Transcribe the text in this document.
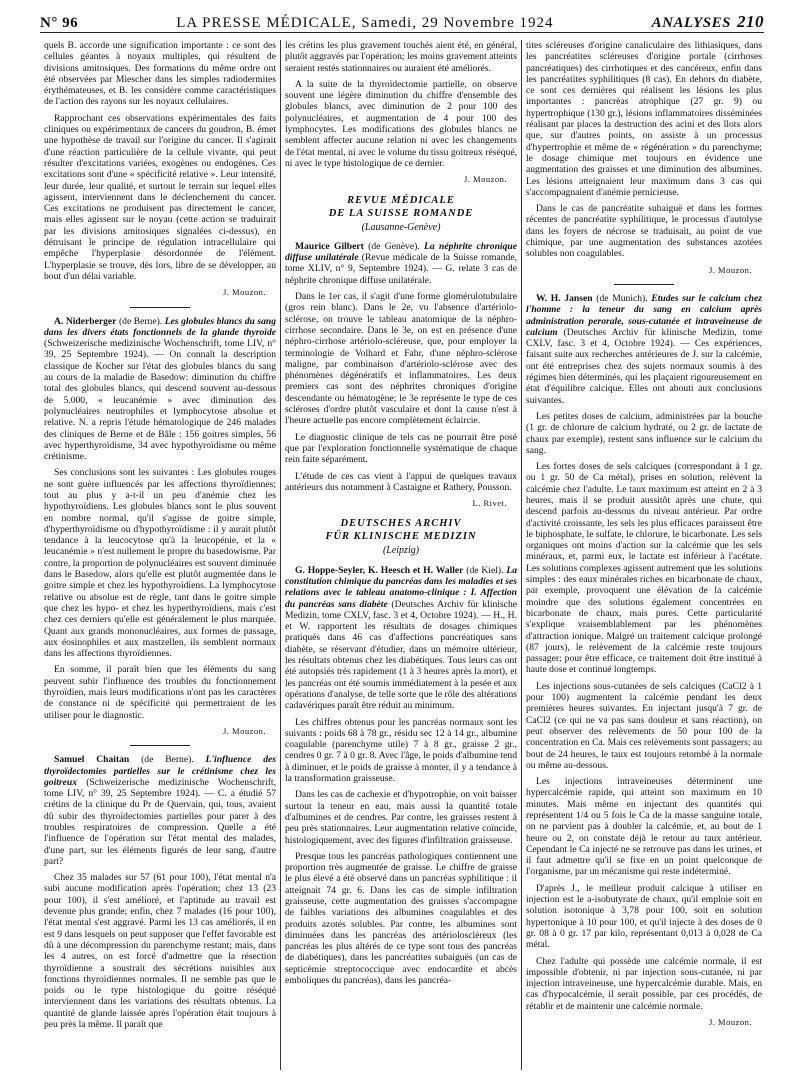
N° 96	LA PRESSE MÉDICALE, Samedi, 29 Novembre 1924	ANALYSES 210

quels B. accorde une signification importante : ce sont des cellules géantes à noyaux multiples, qui résultent de divisions amitosiques. Des formations du même ordre ont été observées par Miescher dans les simples radiodermites érythémateuses, et B. les considère comme caractéristiques de l'action des rayons sur les noyaux cellulaires.

Rapprochant ces observations expérimentales des faits cliniques ou expérimentaux de cancers du goudron, B. émet une hypothèse de travail sur l'origine du cancer. Il s'agirait d'une réaction particulière de la cellule vivante, qui peut résulter d'excitations variées, exogènes ou endogènes. Ces excitations sont d'une « spécificité relative ». Leur intensité, leur durée, leur qualité, et surtout le terrain sur lequel elles agissent, interviennent dans le déclenchement du cancer. Ces excitations ne produisent pas directement le cancer, mais elles agissent sur le noyau (cette action se traduirait par les divisions amitosiques signalées ci-dessus), en détruisant le principe de régulation intracellulaire qui empêche l'hyperplasie désordonnée de l'élément. L'hyperplasie se trouve, dès lors, libre de se développer, au bout d'un délai variable.

J. Mouzon.

A. Niderberger (de Berne). Les globules blancs du sang dans les divers états fonctionnels de la glande thyroïde (Schweizerische medizinische Wochenschrift, tome LIV, n° 39, 25 Septembre 1924). — On connaît la description classique de Kocher sur l'état des globules blancs du sang au cours de la maladie de Basedow: diminution du chiffre total des globules blancs, qui descend souvent au-dessous de 5.000, « leucanémie » avec diminution des polynucléaires neutrophiles et lymphocytose absolue et relative. N. a repris l'étude hématologique de 246 malades des cliniques de Berne et de Bâle : 156 goitres simples, 56 avec hyperthyroïdisme, 34 avec hypothyroïdisme ou même crétinisme.

Ses conclusions sont les suivantes : Les globules rouges ne sont guère influencés par les affections thyroïdiennes; tout au plus y a-t-il un peu d'anémie chez les hypothyroïdiens. Les globules blancs sont le plus souvent en nombre normal, qu'il s'agisse de goitre simple, d'hyperthyroïdisme ou d'hypothyroïdisme : il y aurait plutôt tendance à la leucocytose qu'à la leucopénie, et la « leucanémie » n'est nullement le propre du basedowisme. Par contre, la proportion de polynucléaires est souvent diminuée dans le Basedow, alors qu'elle est plutôt augmentée dans le goitre simple et chez les hypothyroïdiens. La lymphocytose relative ou absolue est de règle, tant dans le goitre simple que chez les hypo- et chez les hyperthyroïdiens, mais c'est chez ces derniers qu'elle est généralement le plus marquée. Quant aux grands mononucléaires, aux formes de passage, aux éosinophiles et aux mastzellen, ils semblent normaux dans les affections thyroïdiennes.

En somme, il paraît bien que les éléments du sang peuvent subir l'influence des troubles du fonctionnement thyroïdien, mais leurs modifications n'ont pas les caractères de constance ni de spécificité qui permettraient de les utiliser pour le diagnostic.

J. Mouzon.

Samuel Chaitan (de Berne). L'influence des thyroïdectomies partielles sur le crétinisme chez les goitreux (Schweizerische medizinische Wochenschrift, tome LIV, n° 39, 25 Septembre 1924). — C. a étudié 57 crétins de la clinique du Pr de Quervain, qui, tous, avaient dû subir des thyroïdectomies partielles pour parer à des troubles respiratoires de compression. Quelle a été l'influence de l'opération sur l'état mental des malades, d'une part, sur les éléments figurés de leur sang, d'autre part?

Chez 35 malades sur 57 (61 pour 100), l'état mental n'a subi aucune modification après l'opération; chez 13 (23 pour 100), il s'est amélioré, et l'aptitude au travail est devenue plus grande; enfin, chez 7 malades (16 pour 100), l'état mental s'est aggravé. Parmi les 13 cas améliorés, il en est 9 dans lesquels on peut supposer que l'effet favorable est dû à une décompression du parenchyme restant; mais, dans les 4 autres, on est forcé d'admettre que la résection thyroïdienne a soustrait des sécrétions nuisibles aux fonctions thyroïdiennes normales. Il ne semble pas que le poids ou le type histologique du goitre réséqué interviennent dans les variations des résultats obtenus. La quantité de glande laissée après l'opération était toujours à peu près la même. Il paraît que

les crétins les plus gravement touchés aient été, en général, plutôt aggravés par l'opération; les moins gravement atteints seraient restés stationnaires ou auraient été améliorés.

A la suite de la thyroïdectomie partielle, on observe souvent une légère diminution du chiffre d'ensemble des globules blancs, avec diminution de 2 pour 100 des polynucléaires, et augmentation de 4 pour 100 des lymphocytes. Les modifications des globules blancs ne semblent affecter aucune relation ni avec les changements de l'état mental, ni avec le volume du tissu goitreux réséqué, ni avec le type histologique de ce dernier.

J. Mouzon.
REVUE MÉDICALE
DE LA SUISSE ROMANDE
(Lausanne-Genève)

Maurice Gilbert (de Genève). La néphrite chronique diffuse unilatérale (Revue médicale de la Suisse romande, tome XLIV, n° 9, Septembre 1924). — G. relate 3 cas de néphrite chronique diffuse unilatérale.

Dans le 1er cas, il s'agit d'une forme glomérulotubulaire (gros rein blanc). Dans le 2e, vu l'absence d'artériolo-sclérose, on trouve le tableau anatomique de la néphro-cirrhose secondaire. Dans le 3e, on est en présence d'une néphro-cirrhose artériolo-scléreuse, que, pour employer la terminologie de Volhard et Fahr, d'une néphro-sclérose maligne, par combinaison d'artériolo-sclérose avec des phénomènes dégénératifs et inflammatoires. Les deux premiers cas sont des néphrites chroniques d'origine descendante ou hématogène; le 3e représente le type de ces scléroses d'ordre plutôt vasculaire et dont la cause n'est à l'heure actuelle pas encore complètement éclaircie.

Le diagnostic clinique de tels cas ne pourrait être posé que par l'exploration fonctionnelle systématique de chaque rein faite séparément.

L'étude de ces cas vient à l'appui de quelques travaux antérieurs dus notamment à Castaigne et Rathery, Pousson.

L. Rivet.
DEUTSCHES ARCHIV
FÜR KLINISCHE MEDIZIN
(Leipzig)

G. Hoppe-Seyler, K. Heesch et H. Waller (de Kiel). La constitution chimique du pancréas dans les maladies et ses relations avec le tableau anatomo-clinique : I. Affection du pancréas sans diabète (Deutsches Archiv für klinische Medizin, tome CXLV, fasc. 3 et 4, Octobre 1924). — H., H. et W. rapportent les résultats de dosages chimiques pratiqués dans 46 cas d'affections pancréatiques sans diabète, se réservant d'étudier, dans un mémoire ultérieur, les résultats obtenus chez les diabétiques. Tous leurs cas ont été autopsiés très rapidement (1 à 3 heures après la mort), et les pancréas ont été soumis immédiatement à la pesée et aux opérations d'analyse, de telle sorte que le rôle des altérations cadavériques paraît être réduit au minimum.

Les chiffres obtenus pour les pancréas normaux sont les suivants : poids 68 à 78 gr., résidu sec 12 à 14 gr., albumine coagulable (parenchyme utile) 7 à 8 gr., graisse 2 gr., cendres 0 gr. 7 à 0 gr. 8. Avec l'âge, le poids d'albumine tend à diminuer, et le poids de graisse à monter, il y a tendance à la transformation graisseuse.

Dans les cas de cachexie et d'hypotrophie, on voit baisser surtout la teneur en eau, mais aussi la quantité totale d'albumines et de cendres. Par contre, les graisses restent à peu près stationnaires. Leur augmentation relative coïncide, histologiquement, avec des figures d'infiltration graisseuse.

Presque tous les pancréas pathologiques contiennent une proportion très augmentée de graisse. Le chiffre de graisse le plus élevé a été observé dans un pancréas syphilitique : il atteignait 74 gr. 6. Dans les cas de simple infiltration graisseuse, cette augmentation des graisses s'accompagne de faibles variations des albumines coagulables et des produits azotés solubles. Par contre, les albumines sont diminuées dans les pancréas des artériolosclèreux (les pancréas les plus altérés de ce type sont tous des pancréas de diabétiques), dans les pancréatites subaiguës (un cas de septicémie streptococcique avec endocardite et abcès emboliques du pancréas), dans les pancréa-

tites scléreuses d'origine canaliculaire des lithiasiques, dans les pancréatites scléreuses d'origine portale (cirrhoses pancréatiques) des cirrhotiques et des cancéreux, enfin dans les pancréatites syphilitiques (8 cas). En dehors du diabète, ce sont ces dernières qui réalisent les lésions les plus importantes : pancréas atrophique (27 gr. 9) ou hypertrophique (130 gr.), lésions inflammatoires disséminées réalisant par places la destruction des acini et des îlots alors que, sur d'autres points, on assiste à un processus d'hypertrophie et même de « régénération » du parenchyme; le dosage chimique met toujours en évidence une augmentation des graisses et une diminution des albumines. Les lésions atteignaient leur maximum dans 3 cas qui s'accompagnaient d'anémie pernicieuse.

Dans le cas de pancréatite subaiguë et dans les formes récentes de pancréatite syphilitique, le processus d'autolyse dans les foyers de nécrose se traduisait, au point de vue chimique, par une augmentation des substances azotées solubles non coagulables.

J. Mouzon.

W. H. Jansen (de Munich). Etudes sur le calcium chez l'homme : la teneur du sang en calcium après administration perorale, sous-cutanée et intraveineuse de calcium (Deutsches Archiv für klinische Medizin, tome CXLV, fasc. 3 et 4, Octobre 1924). — Ces expériences, faisant suite aux recherches antérieures de J. sur la calcémie, ont été entreprises chez des sujets normaux soumis à des régimes bien déterminés, qui les plaçaient rigoureusement en état d'équilibre calcique. Elles ont abouti aux conclusions suivantes.

Les petites doses de calcium, administrées par la bouche (1 gr. de chlorure de calcium hydraté, ou 2 gr. de lactate de chaux par exemple), restent sans influence sur le calcium du sang.

Les fortes doses de sels calciques (correspondant à 1 gr. ou 1 gr. 50 de Ca métal), prises en solution, relèvent la calcémie chez l'adulte. Le taux maximum est atteint en 2 à 3 heures, mais il se produit aussitôt après une chute, qui descend parfois au-dessous du niveau antérieur. Par ordre d'activité croissante, les sels les plus efficaces paraissent être le biphosphate, le sulfate, le chlorure, le bicarbonate. Les sels organiques ont moins d'action sur la calcémie que les sels minéraux, et, parmi eux, le lactate est inférieur à l'acétate. Les solutions complexes agissent autrement que les solutions simples : des eaux minérales riches en bicarbonate de chaux, par exemple, provoquent une élévation de la calcémie moindre que des solutions également concentrées en bicarbonate de chaux, mais pures. Cette particularité s'explique vraisemblablement par les phénomènes d'attraction ionique. Malgré un traitement calcique prolongé (87 jours), le relèvement de la calcémie reste toujours passager; pour être efficace, ce traitement doit être institué à haute dose et continué longtemps.

Les injections sous-cutanées de sels calciques (CaCl2 à 1 pour 100) augmentent la calcémie pendant les deux premières heures suivantes. En injectant jusqu'à 7 gr. de CaCl2 (ce qui ne va pas sans douleur et sans réaction), on peut observer des relèvements de 50 pour 100 de la concentration en Ca. Mais ces relèvements sont passagers; au bout de 24 heures, le taux est toujours retombé à la normale ou même au-dessous.

Les injections intraveineuses déterminent une hypercalcémie rapide, qui atteint son maximum en 10 minutes. Mais même en injectant des quantités qui représentent 1/4 ou 5 fois le Ca de la masse sanguine totale, on ne parvient pas à doubler la calcémie, et, au bout de 1 heure ou 2, on constate déjà le retour au taux antérieur. Cependant le Ca injecté ne se retrouve pas dans les urines, et il faut admettre qu'il se fixe en un point quelconque de l'organisme, par un mécanisme qui reste indéterminé.

D'après J., le meilleur produit calcique à utiliser en injection est le a-isobutyrate de chaux, qu'il emploie soit en solution isotonique à 3,78 pour 100, soit en solution hypertonique à 10 pour 100, et qu'il injecte à des doses de 0 gr. 08 à 0 gr. 17 par kilo, représentant 0,013 à 0,028 de Ca métal.

Chez l'adulte qui possède une calcémie normale, il est impossible d'obtenir, ni par injection sous-cutanée, ni par injection intraveineuse, une hypercalcémie durable. Mais, en cas d'hypocalcémie, il serait possible, par ces procédés, de rétablir et de maintenir une calcémie normale.

J. Mouzon.
